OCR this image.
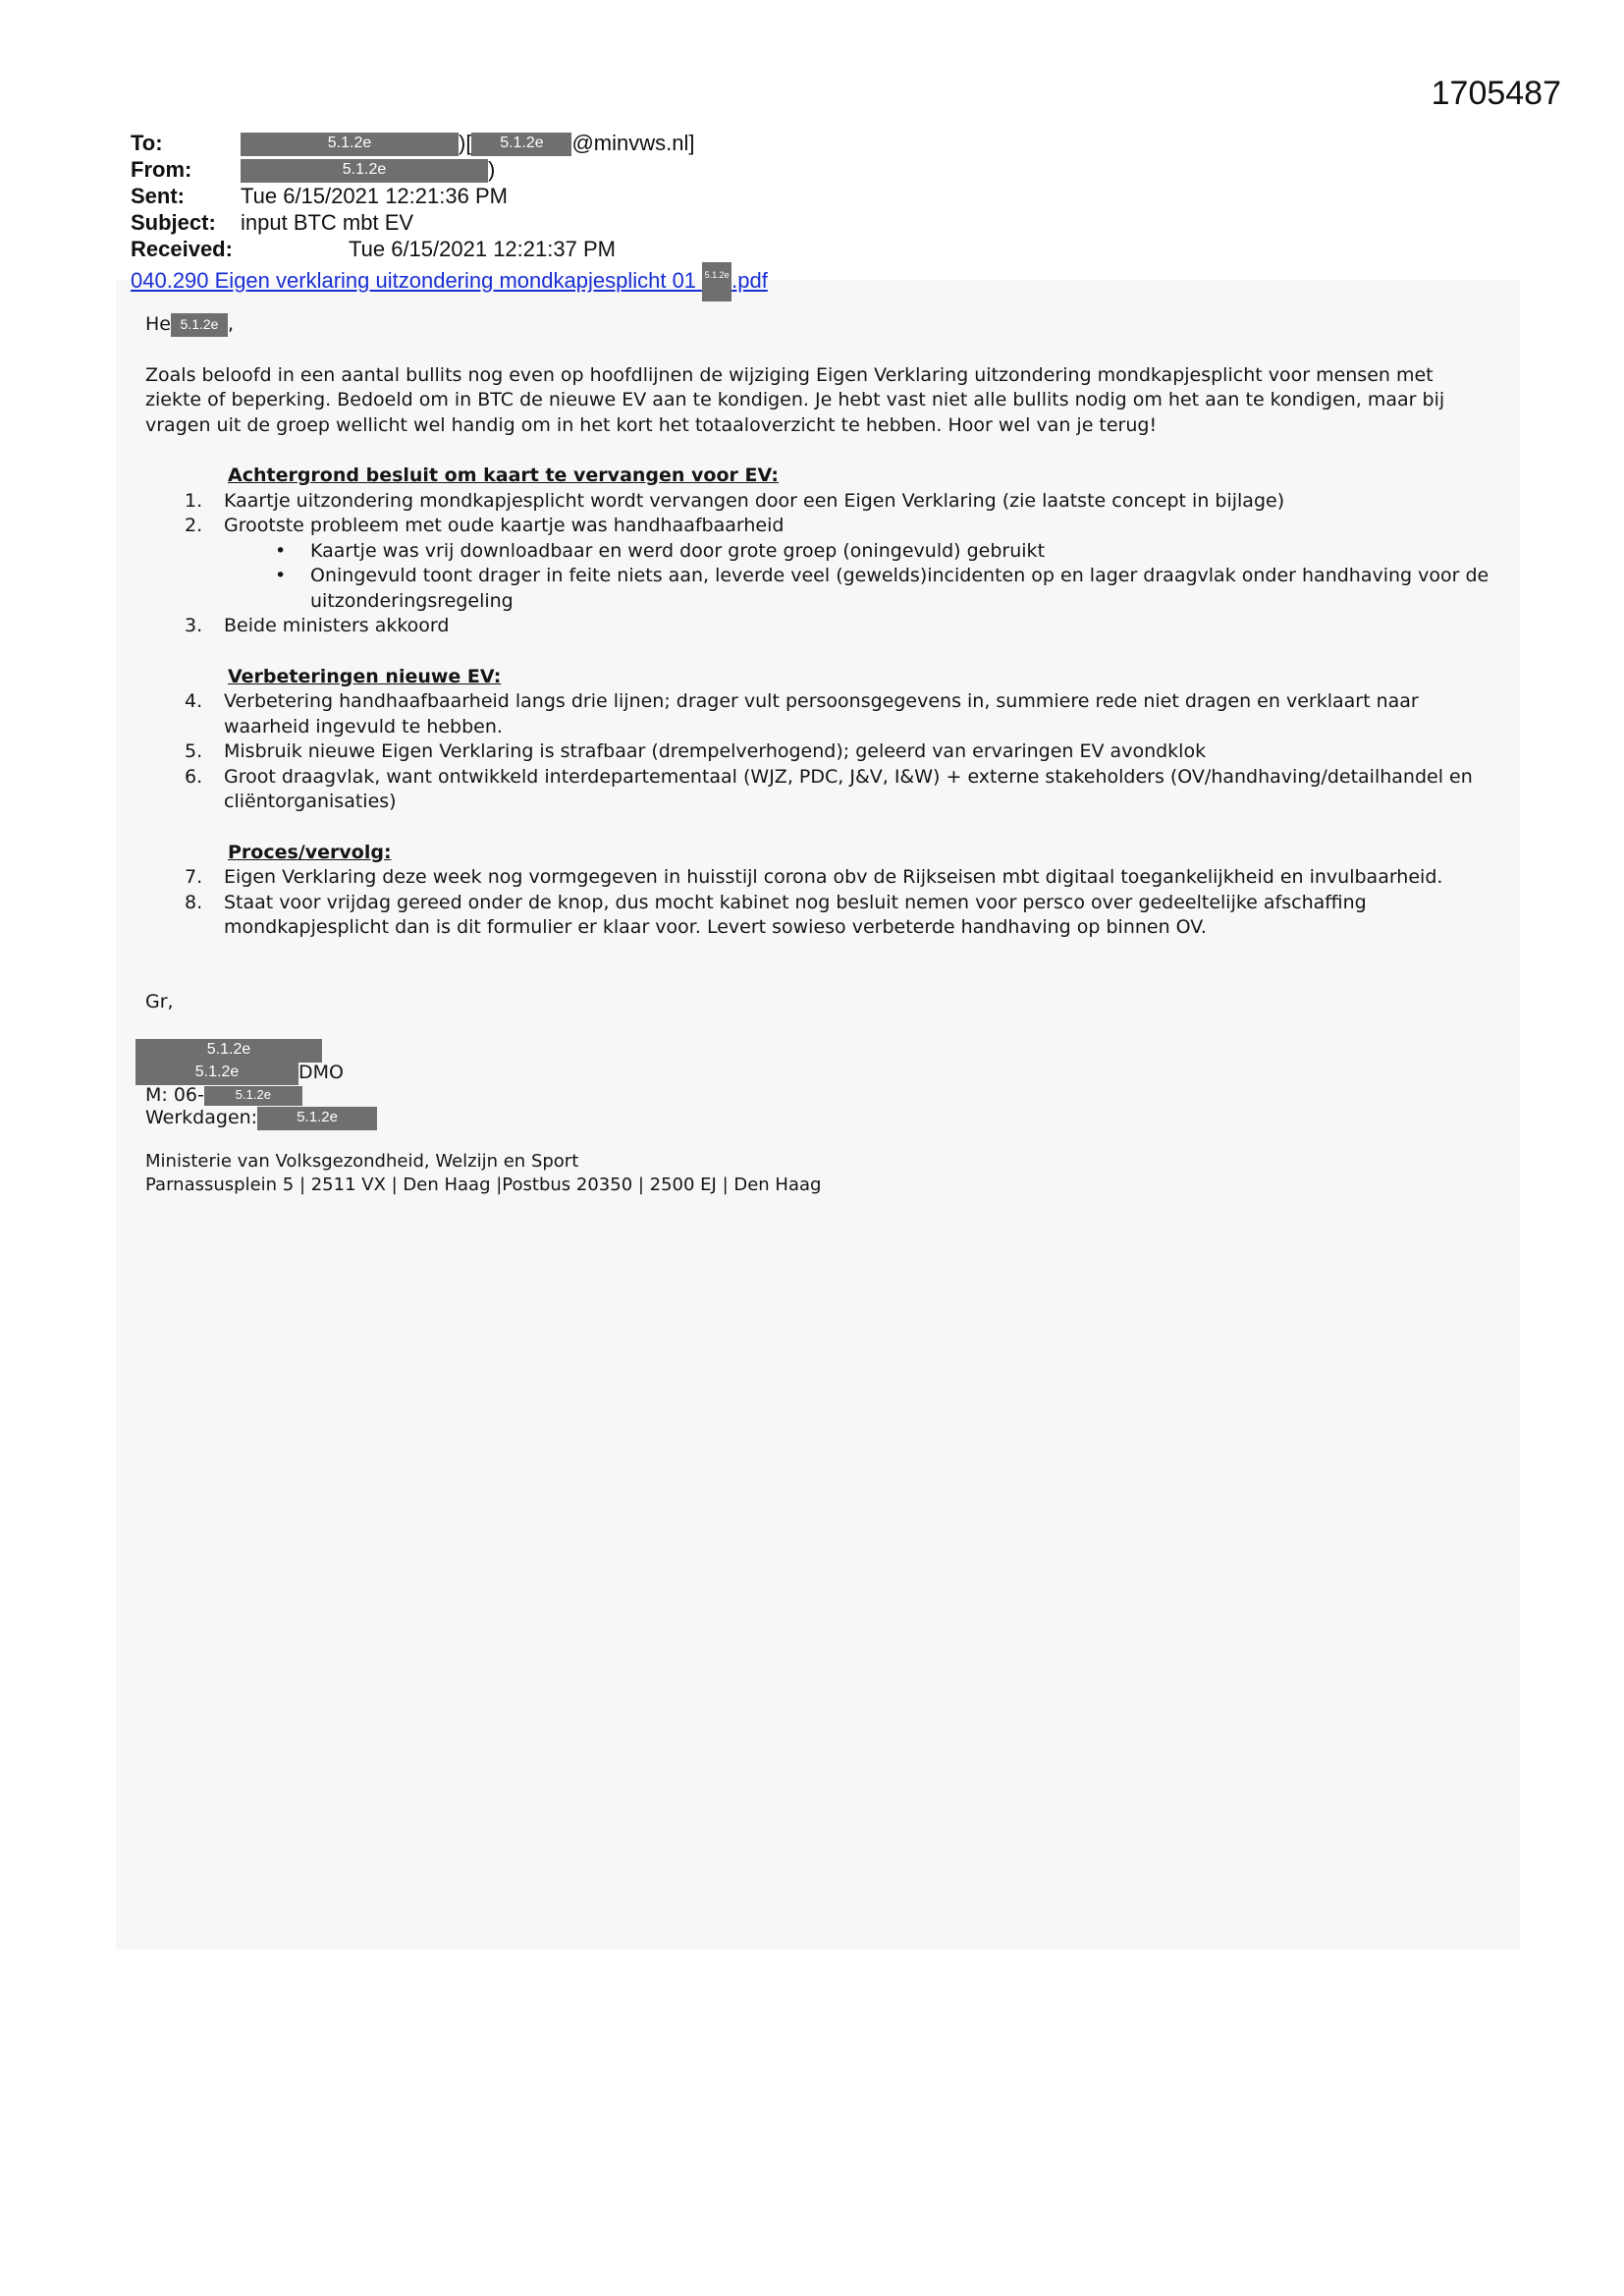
1705487
To:	5.1.2e	)[ 5.1.2e @minvws.nl]
From:	5.1.2e	)
Sent:	Tue 6/15/2021 12:21:36 PM
Subject: input BTC mbt EV
Received:	Tue 6/15/2021 12:21:37 PM
040.290 Eigen verklaring uitzondering mondkapjesplicht 01 5.1.2e .pdf
He 5.1.2e ,
Zoals beloofd in een aantal bullits nog even op hoofdlijnen de wijziging Eigen Verklaring uitzondering mondkapjesplicht voor mensen met ziekte of beperking. Bedoeld om in BTC de nieuwe EV aan te kondigen. Je hebt vast niet alle bullits nodig om het aan te kondigen, maar bij vragen uit de groep wellicht wel handig om in het kort het totaaloverzicht te hebben. Hoor wel van je terug!
Achtergrond besluit om kaart te vervangen voor EV:
1. Kaartje uitzondering mondkapjesplicht wordt vervangen door een Eigen Verklaring (zie laatste concept in bijlage)
2. Grootste probleem met oude kaartje was handhaafbaarheid
• Kaartje was vrij downloadbaar en werd door grote groep (oningevuld) gebruikt
• Oningevuld toont drager in feite niets aan, leverde veel (gewelds)incidenten op en lager draagvlak onder handhaving voor de uitzonderingsregeling
3. Beide ministers akkoord
Verbeteringen nieuwe EV:
4. Verbetering handhaafbaarheid langs drie lijnen; drager vult persoonsgegevens in, summiere rede niet dragen en verklaart naar waarheid ingevuld te hebben.
5. Misbruik nieuwe Eigen Verklaring is strafbaar (drempelverhogend); geleerd van ervaringen EV avondklok
6. Groot draagvlak, want ontwikkeld interdepartementaal (WJZ, PDC, J&V, I&W) + externe stakeholders (OV/handhaving/detailhandel en cliëntorganisaties)
Proces/vervolg:
7. Eigen Verklaring deze week nog vormgegeven in huisstijl corona obv de Rijkseisen mbt digitaal toegankelijkheid en invulbaarheid.
8. Staat voor vrijdag gereed onder de knop, dus mocht kabinet nog besluit nemen voor persco over gedeeltelijke afschaffing mondkapjesplicht dan is dit formulier er klaar voor. Levert sowieso verbeterde handhaving op binnen OV.
Gr,
5.1.2e
5.1.2e	DMO
M: 06- 5.1.2e
Werkdagen:	5.1.2e
Ministerie van Volksgezondheid, Welzijn en Sport
Parnassusplein 5 | 2511 VX | Den Haag |Postbus 20350 | 2500 EJ | Den Haag
